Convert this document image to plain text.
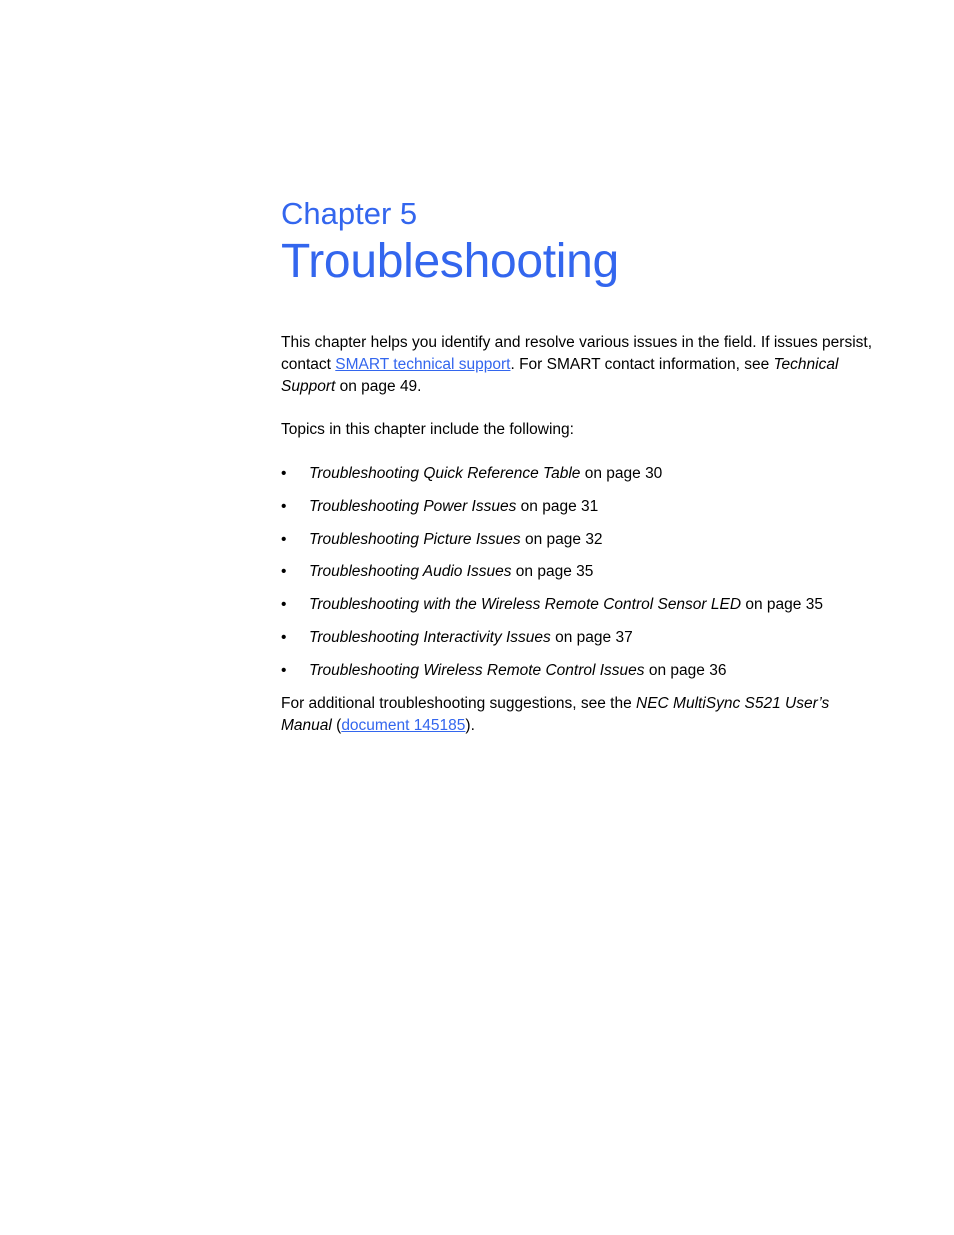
Chapter 5
Troubleshooting

This chapter helps you identify and resolve various issues in the field. If issues persist, contact SMART technical support. For SMART contact information, see Technical Support on page 49.

Topics in this chapter include the following:

• Troubleshooting Quick Reference Table on page 30
• Troubleshooting Power Issues on page 31
• Troubleshooting Picture Issues on page 32
• Troubleshooting Audio Issues on page 35
• Troubleshooting with the Wireless Remote Control Sensor LED on page 35
• Troubleshooting Interactivity Issues on page 37
• Troubleshooting Wireless Remote Control Issues on page 36

For additional troubleshooting suggestions, see the NEC MultiSync S521 User’s Manual (document 145185).
